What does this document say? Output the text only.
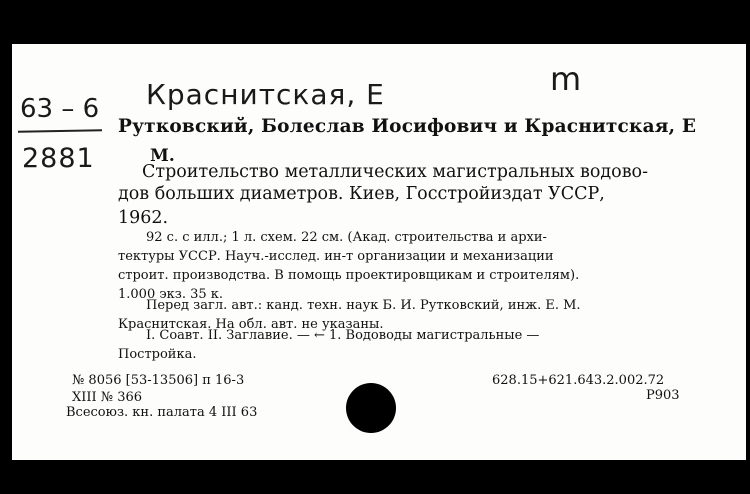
63 – 6
2881
Краснитская, Е	m
Рутковский, Болеслав Иосифович и Краснитская, Е
М.
Строительство металлических магистральных водово-
дов больших диаметров. Киев, Госстройиздат УССР,
1962.
92 с. с илл.; 1 л. схем. 22 см. (Акад. строительства и архи-
тектуры УССР. Науч.-исслед. ин-т организации и механизации
строит. производства. В помощь проектировщикам и строителям).
1.000 экз. 35 к.
Перед загл. авт.: канд. техн. наук Б. И. Рутковский, инж. Е. М.
Краснитская. На обл. авт. не указаны.
I. Соавт. II. Заглавие. — ← 1. Водоводы магистральные —
Постройка.
№ 8056 [53-13506] п 16-3
XIII № 366
Всесоюз. кн. палата 4 III 63
628.15+621.643.2.002.72
Р903
